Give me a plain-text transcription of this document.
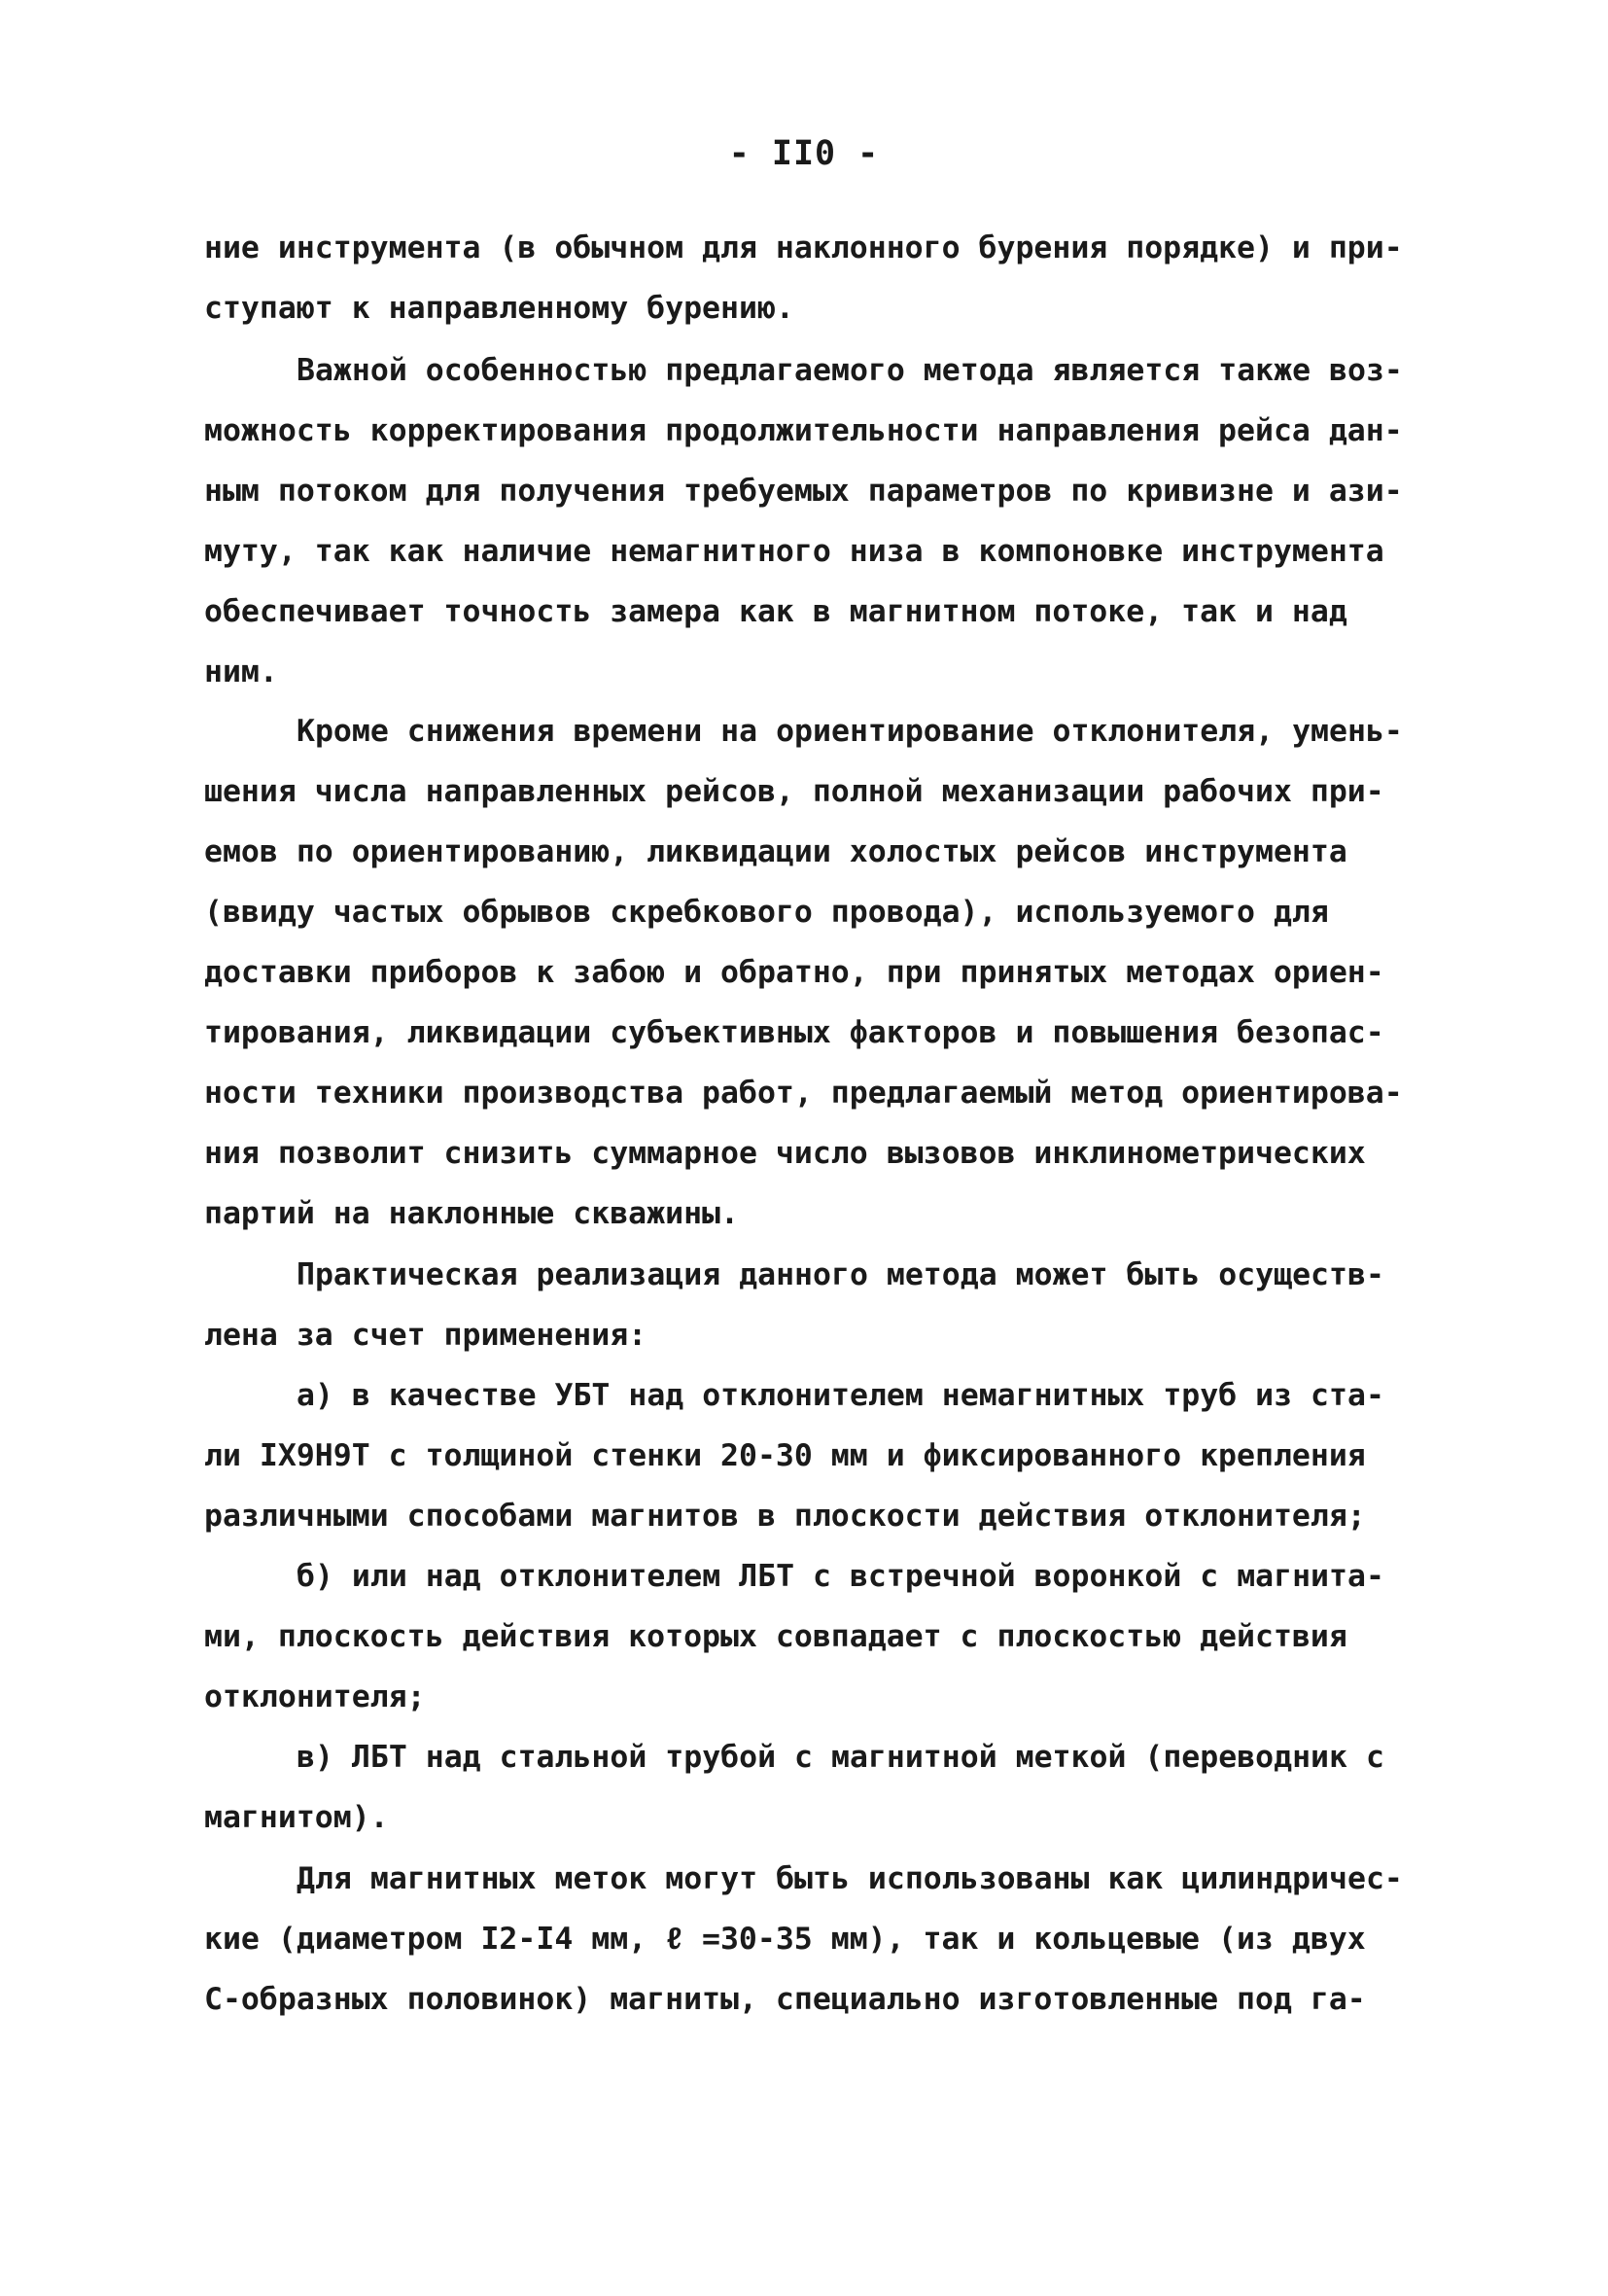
- II0 -

ние инструмента (в обычном для наклонного бурения порядке) и при-

ступают к направленному бурению.

Важной особенностью предлагаемого метода является также воз-

можность корректирования продолжительности направления рейса дан-

ным потоком для получения требуемых параметров по кривизне и ази-

муту, так как наличие немагнитного низа в компоновке инструмента

обеспечивает точность замера как в магнитном потоке, так и над

ним.

Кроме снижения времени на ориентирование отклонителя, умень-

шения числа направленных рейсов, полной механизации рабочих при-

емов по ориентированию, ликвидации холостых рейсов инструмента

(ввиду частых обрывов скребкового провода), используемого для

доставки приборов к забою и обратно, при принятых методах ориен-

тирования, ликвидации субъективных факторов и повышения безопас-

ности техники производства работ, предлагаемый метод ориентирова-

ния позволит снизить суммарное число вызовов инклинометрических

партий на наклонные скважины.

Практическая реализация данного метода может быть осуществ-

лена за счет применения:

а) в качестве УБТ над отклонителем немагнитных труб из ста-

ли IХ9Н9Т с толщиной стенки 20-30 мм и фиксированного крепления

различными способами магнитов в плоскости действия отклонителя;

б) или над отклонителем ЛБТ с встречной воронкой с магнита-

ми, плоскость действия которых совпадает с плоскостью действия

отклонителя;

в) ЛБТ над стальной трубой с магнитной меткой (переводник с

магнитом).

Для магнитных меток могут быть использованы как цилиндричес-

кие (диаметром I2-I4 мм, ℓ =30-35 мм), так и кольцевые (из двух

С-образных половинок) магниты, специально изготовленные под га-
